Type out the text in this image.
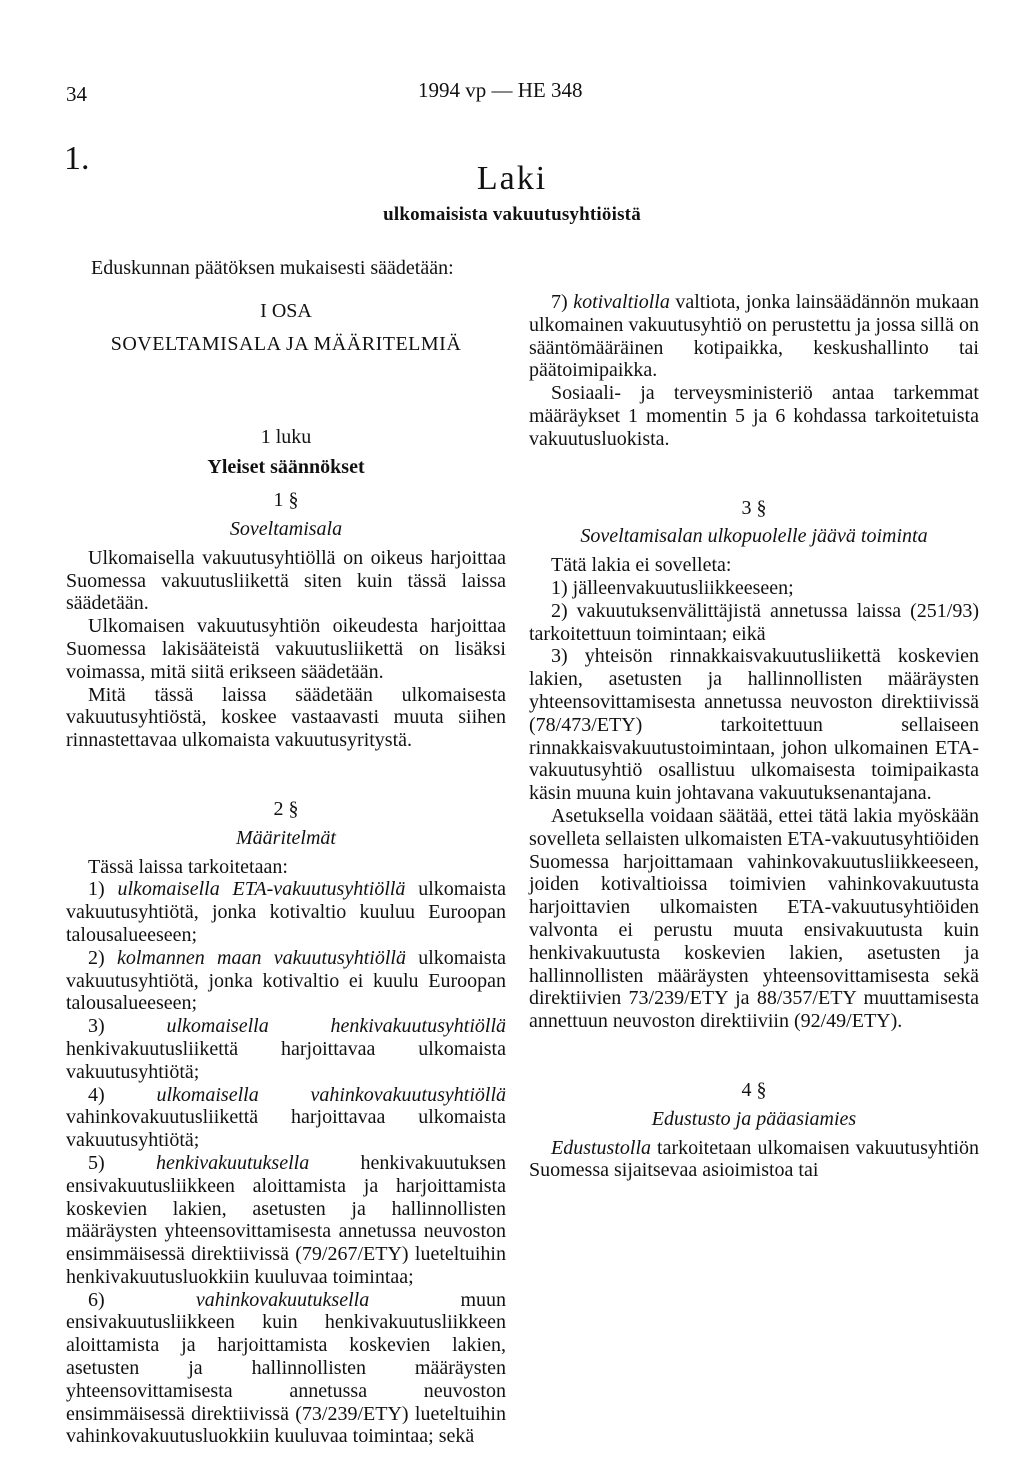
34	1994 vp — HE 348
1.
Laki
ulkomaisista vakuutusyhtiöistä
Eduskunnan päätöksen mukaisesti säädetään:
I OSA
SOVELTAMISALA JA MÄÄRITELMIÄ
1 luku
Yleiset säännökset
1 §
Soveltamisala

Ulkomaisella vakuutusyhtiöllä on oikeus harjoittaa Suomessa vakuutusliikettä siten kuin tässä laissa säädetään.

Ulkomaisen vakuutusyhtiön oikeudesta harjoittaa Suomessa lakisääteistä vakuutusliikettä on lisäksi voimassa, mitä siitä erikseen säädetään.

Mitä tässä laissa säädetään ulkomaisesta vakuutusyhtiöstä, koskee vastaavasti muuta siihen rinnastettavaa ulkomaista vakuutusyritystä.

2 §
Määritelmät

Tässä laissa tarkoitetaan:

1) ulkomaisella ETA-vakuutusyhtiöllä ulkomaista vakuutusyhtiötä, jonka kotivaltio kuuluu Euroopan talousalueeseen;

2) kolmannen maan vakuutusyhtiöllä ulkomaista vakuutusyhtiötä, jonka kotivaltio ei kuulu Euroopan talousalueeseen;

3)	ulkomaisella henkivakuutusyhtiöllä henkivakuutusliikettä harjoittavaa ulkomaista vakuutusyhtiötä;

4)	ulkomaisella vahinkovakuutusyhtiöllä vahinkovakuutusliikettä harjoittavaa ulkomaista vakuutusyhtiötä;

5)	henkivakuutuksella	henkivakuutuksen ensivakuutusliikkeen aloittamista ja harjoittamista koskevien lakien, asetusten ja hallinnollisten määräysten yhteensovittamisesta annetussa neuvoston ensimmäisessä direktiivissä (79/267/ETY) lueteltuihin henkivakuutusluokkiin kuuluvaa toimintaa;

6)	vahinkovakuutuksella	muun ensivakuutusliikkeen kuin henkivakuutusliikkeen aloittamista ja harjoittamista koskevien lakien, asetusten ja hallinnollisten määräysten yhteensovittamisesta annetussa neuvoston ensimmäisessä direktiivissä (73/239/ETY) lueteltuihin vahinkovakuutusluokkiin kuuluvaa toimintaa; sekä

7) kotivaltiolla valtiota, jonka lainsäädännön mukaan ulkomainen vakuutusyhtiö on perustettu ja jossa sillä on sääntömääräinen kotipaikka, keskushallinto tai päätoimipaikka.

Sosiaali- ja terveysministeriö antaa tarkemmat määräykset 1 momentin 5 ja 6 kohdassa tarkoitetuista vakuutusluokista.

3 §
Soveltamisalan ulkopuolelle jäävä toiminta

Tätä lakia ei sovelleta:

1) jälleenvakuutusliikkeeseen;

2) vakuutuksenvälittäjistä annetussa laissa (251/93) tarkoitettuun toimintaan; eikä

3) yhteisön rinnakkaisvakuutusliikettä koskevien lakien, asetusten ja hallinnollisten määräysten yhteensovittamisesta annetussa neuvoston direktiivissä (78/473/ETY) tarkoitettuun sellaiseen rinnakkaisvakuutustoimintaan, johon ulkomainen ETA-vakuutusyhtiö osallistuu ulkomaisesta toimipaikasta käsin muuna kuin johtavana vakuutuksenantajana.

Asetuksella voidaan säätää, ettei tätä lakia myöskään sovelleta sellaisten ulkomaisten ETA-vakuutusyhtiöiden Suomessa harjoittamaan vahinkovakuutusliikkeeseen, joiden kotivaltioissa toimivien vahinkovakuutusta harjoittavien ulkomaisten ETA-vakuutusyhtiöiden valvonta ei perustu muuta ensivakuutusta kuin henkivakuutusta koskevien lakien, asetusten ja hallinnollisten määräysten yhteensovittamisesta sekä direktiivien 73/239/ETY ja 88/357/ETY muuttamisesta annettuun neuvoston direktiiviin (92/49/ETY).

4 §
Edustusto ja pääasiamies

Edustustolla tarkoitetaan ulkomaisen vakuutusyhtiön Suomessa sijaitsevaa asioimistoa tai
